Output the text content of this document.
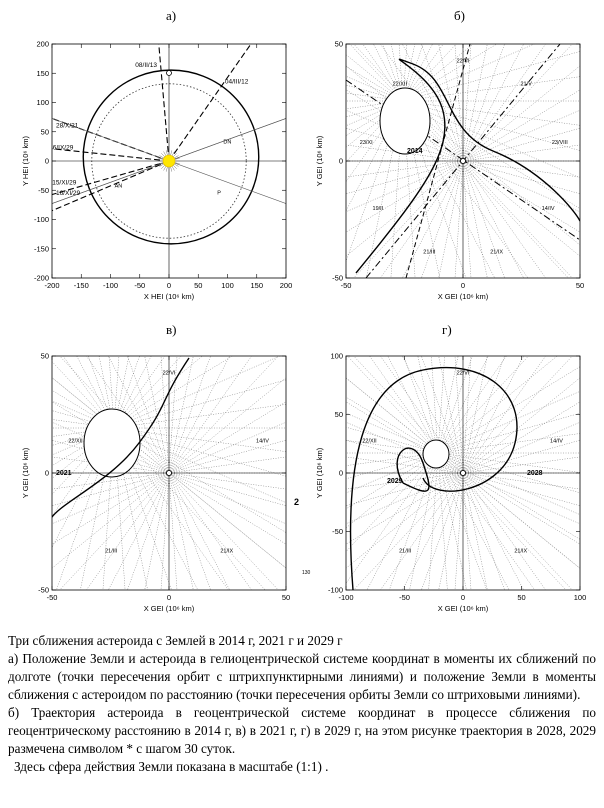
a)	б)
в)	г)
08/II/13
04/III/12
28/X/21
6/IX/29
15/XI/29
16/XI/29
DN
P
AN
-200 -150 -100 -50	0	50	100 150 200
-200
-150
-100
-50
0
50
100
150
200
X HEI (10⁶ km)
Y HEI (10⁶ km)	2014
22/VI
21/V
23/VIII
14/IV
21/IX
21/III
19/II
23/XI
22/XII
-50	0	50
-50
0
50
X GEI (10⁶ km)
Y GEI (10⁶ km)
2021
22/VI
14/IV
21/IX
21/III
22/XII
-50	0	50
-50
0
50
X GEI (10⁶ km)
Y GEI (10⁶ km)	2029
2028
22/VI
14/IV
21/IX
21/III
22/XII
-100	-50	0	50	100
-100
-50
0
50
100
X GEI (10⁶ km)
Y GEI (10⁶ km)
2
130

Три сближения астероида с Землей в 2014 г, 2021 г и 2029 г

а) Положение Земли и астероида в гелиоцентрической системе координат в моменты их сближений по долготе (точки пересечения орбит с штрихпунктирными линиями) и положение Земли в моменты сближения с астероидом по расстоянию (точки пересечения орбиты Земли со штриховыми линиями).

б) Траектория астероида в геоцентрической системе координат в процессе сближения по геоцентрическому расстоянию в 2014 г, в) в 2021 г, г) в 2029 г, на этом рисунке траектория в 2028, 2029 размечена символом * с шагом 30 суток.

Здесь сфера действия Земли показана в масштабе (1:1) .
